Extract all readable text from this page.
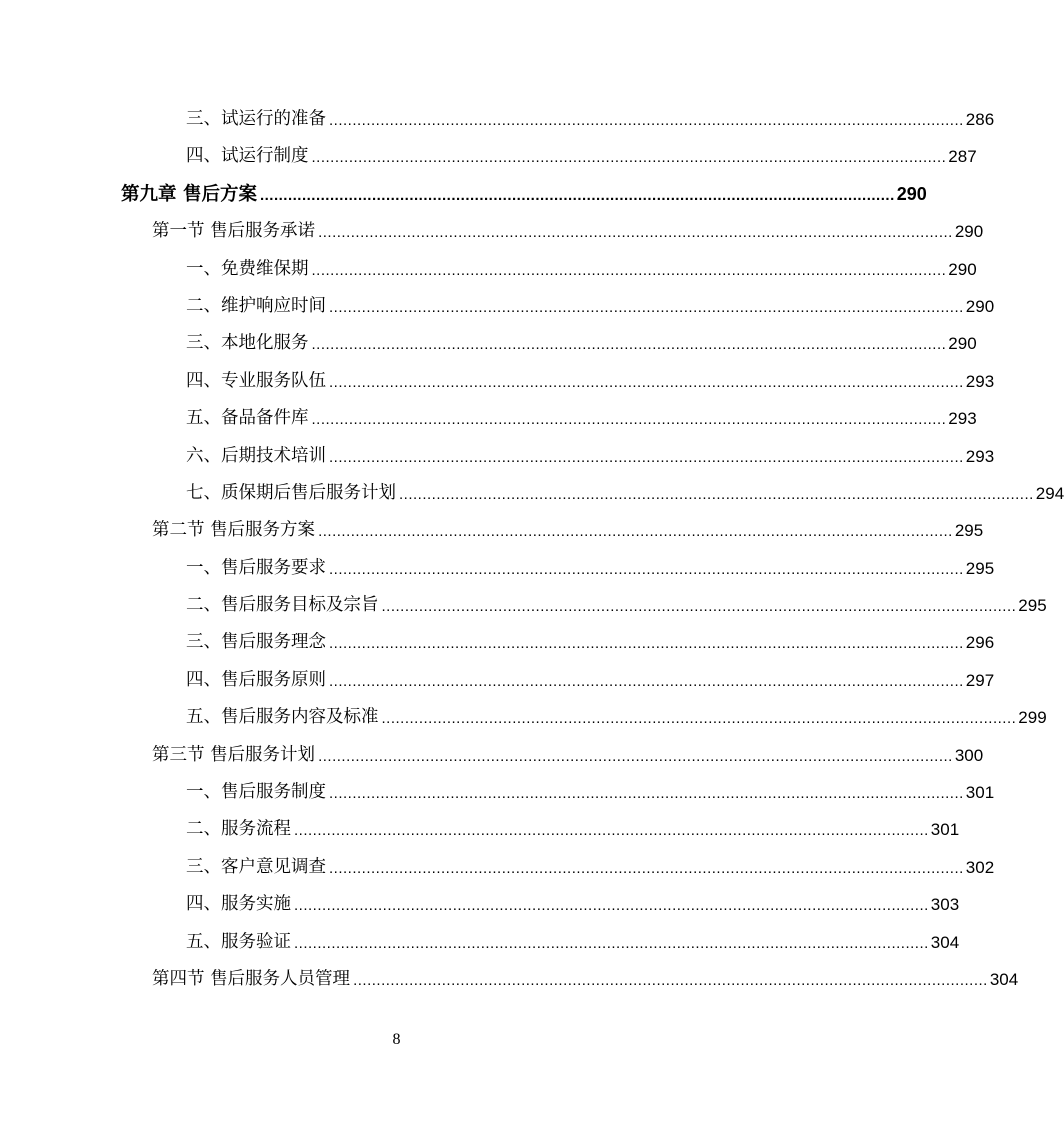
三、试运行的准备 ........................................................................................................................................ 286
四、试运行制度 ........................................................................................................................................ 287
第九章 售后方案 ........................................................................................................................................ 290
第一节 售后服务承诺 ........................................................................................................................................ 290
一、免费维保期 ........................................................................................................................................ 290
二、维护响应时间 ........................................................................................................................................ 290
三、本地化服务 ........................................................................................................................................ 290
四、专业服务队伍 ........................................................................................................................................ 293
五、备品备件库 ........................................................................................................................................ 293
六、后期技术培训 ........................................................................................................................................ 293
七、质保期后售后服务计划 ........................................................................................................................................ 294
第二节 售后服务方案 ........................................................................................................................................ 295
一、售后服务要求 ........................................................................................................................................ 295
二、售后服务目标及宗旨 ........................................................................................................................................ 295
三、售后服务理念 ........................................................................................................................................ 296
四、售后服务原则 ........................................................................................................................................ 297
五、售后服务内容及标准 ........................................................................................................................................ 299
第三节 售后服务计划 ........................................................................................................................................ 300
一、售后服务制度 ........................................................................................................................................ 301
二、服务流程 ........................................................................................................................................ 301
三、客户意见调查 ........................................................................................................................................ 302
四、服务实施 ........................................................................................................................................ 303
五、服务验证 ........................................................................................................................................ 304
第四节 售后服务人员管理 ........................................................................................................................................ 304
8
